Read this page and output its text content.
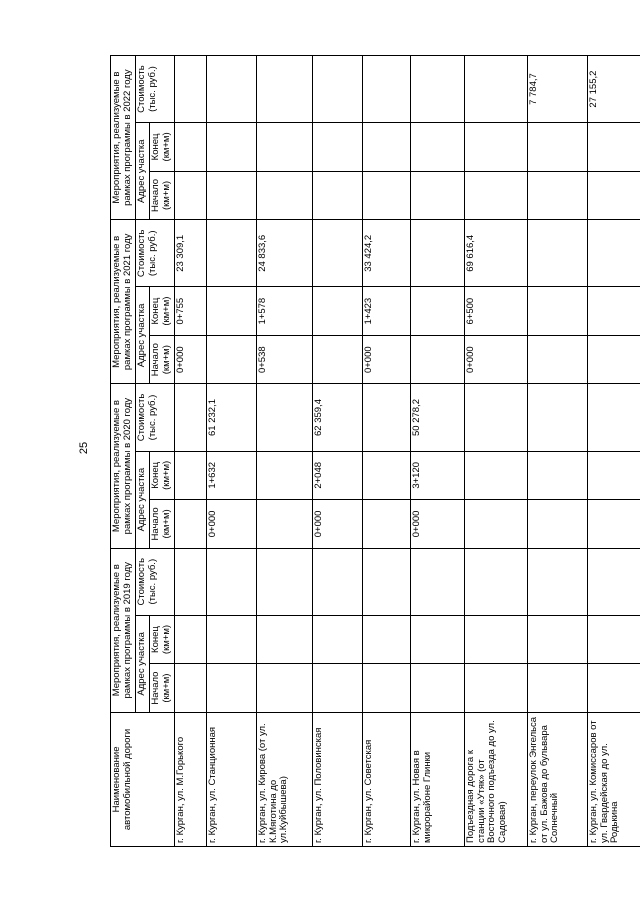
25
Наименование автомобильной дороги	Мероприятия, реализуемые в рамках программы в 2019 году			Мероприятия, реализуемые в рамках программы в 2020 году			Мероприятия, реализуемые в рамках программы в 2021 году			Мероприятия, реализуемые в рамках программы в 2022 году		
	Адрес участка		Стоимость (тыс. руб.)	Адрес участка		Стоимость (тыс. руб.)	Адрес участка		Стоимость (тыс. руб.)	Адрес участка		Стоимость (тыс. руб.)
	Начало (км+м)	Конец (км+м)		Начало (км+м)	Конец (км+м)		Начало (км+м)	Конец (км+м)		Начало (км+м)	Конец (км+м)	
г. Курган, ул. М.Горького							0+000	0+755	23 309,1			
г. Курган, ул. Станционная				0+000	1+632	61 232,1						
г. Курган, ул. Кирова (от ул. К.Мяготина до ул.Куйбышева)							0+538	1+578	24 833,6			
г. Курган, ул. Половинская				0+000	2+048	62 359,4						
г. Курган, ул. Советская							0+000	1+423	33 424,2			
г. Курган, ул. Новая в микрорайоне Глинки				0+000	3+120	50 278,2						
Подъездная дорога к станции «Утяк» (от Восточного подъезда до ул. Садовая)							0+000	6+500	69 616,4			
г. Курган, переулок Энгельса от ул. Бажова до бульвара Солнечный												7 784,7
г. Курган, ул. Комиссаров от ул. Гвардейская до ул. Родькина												27 155,2
